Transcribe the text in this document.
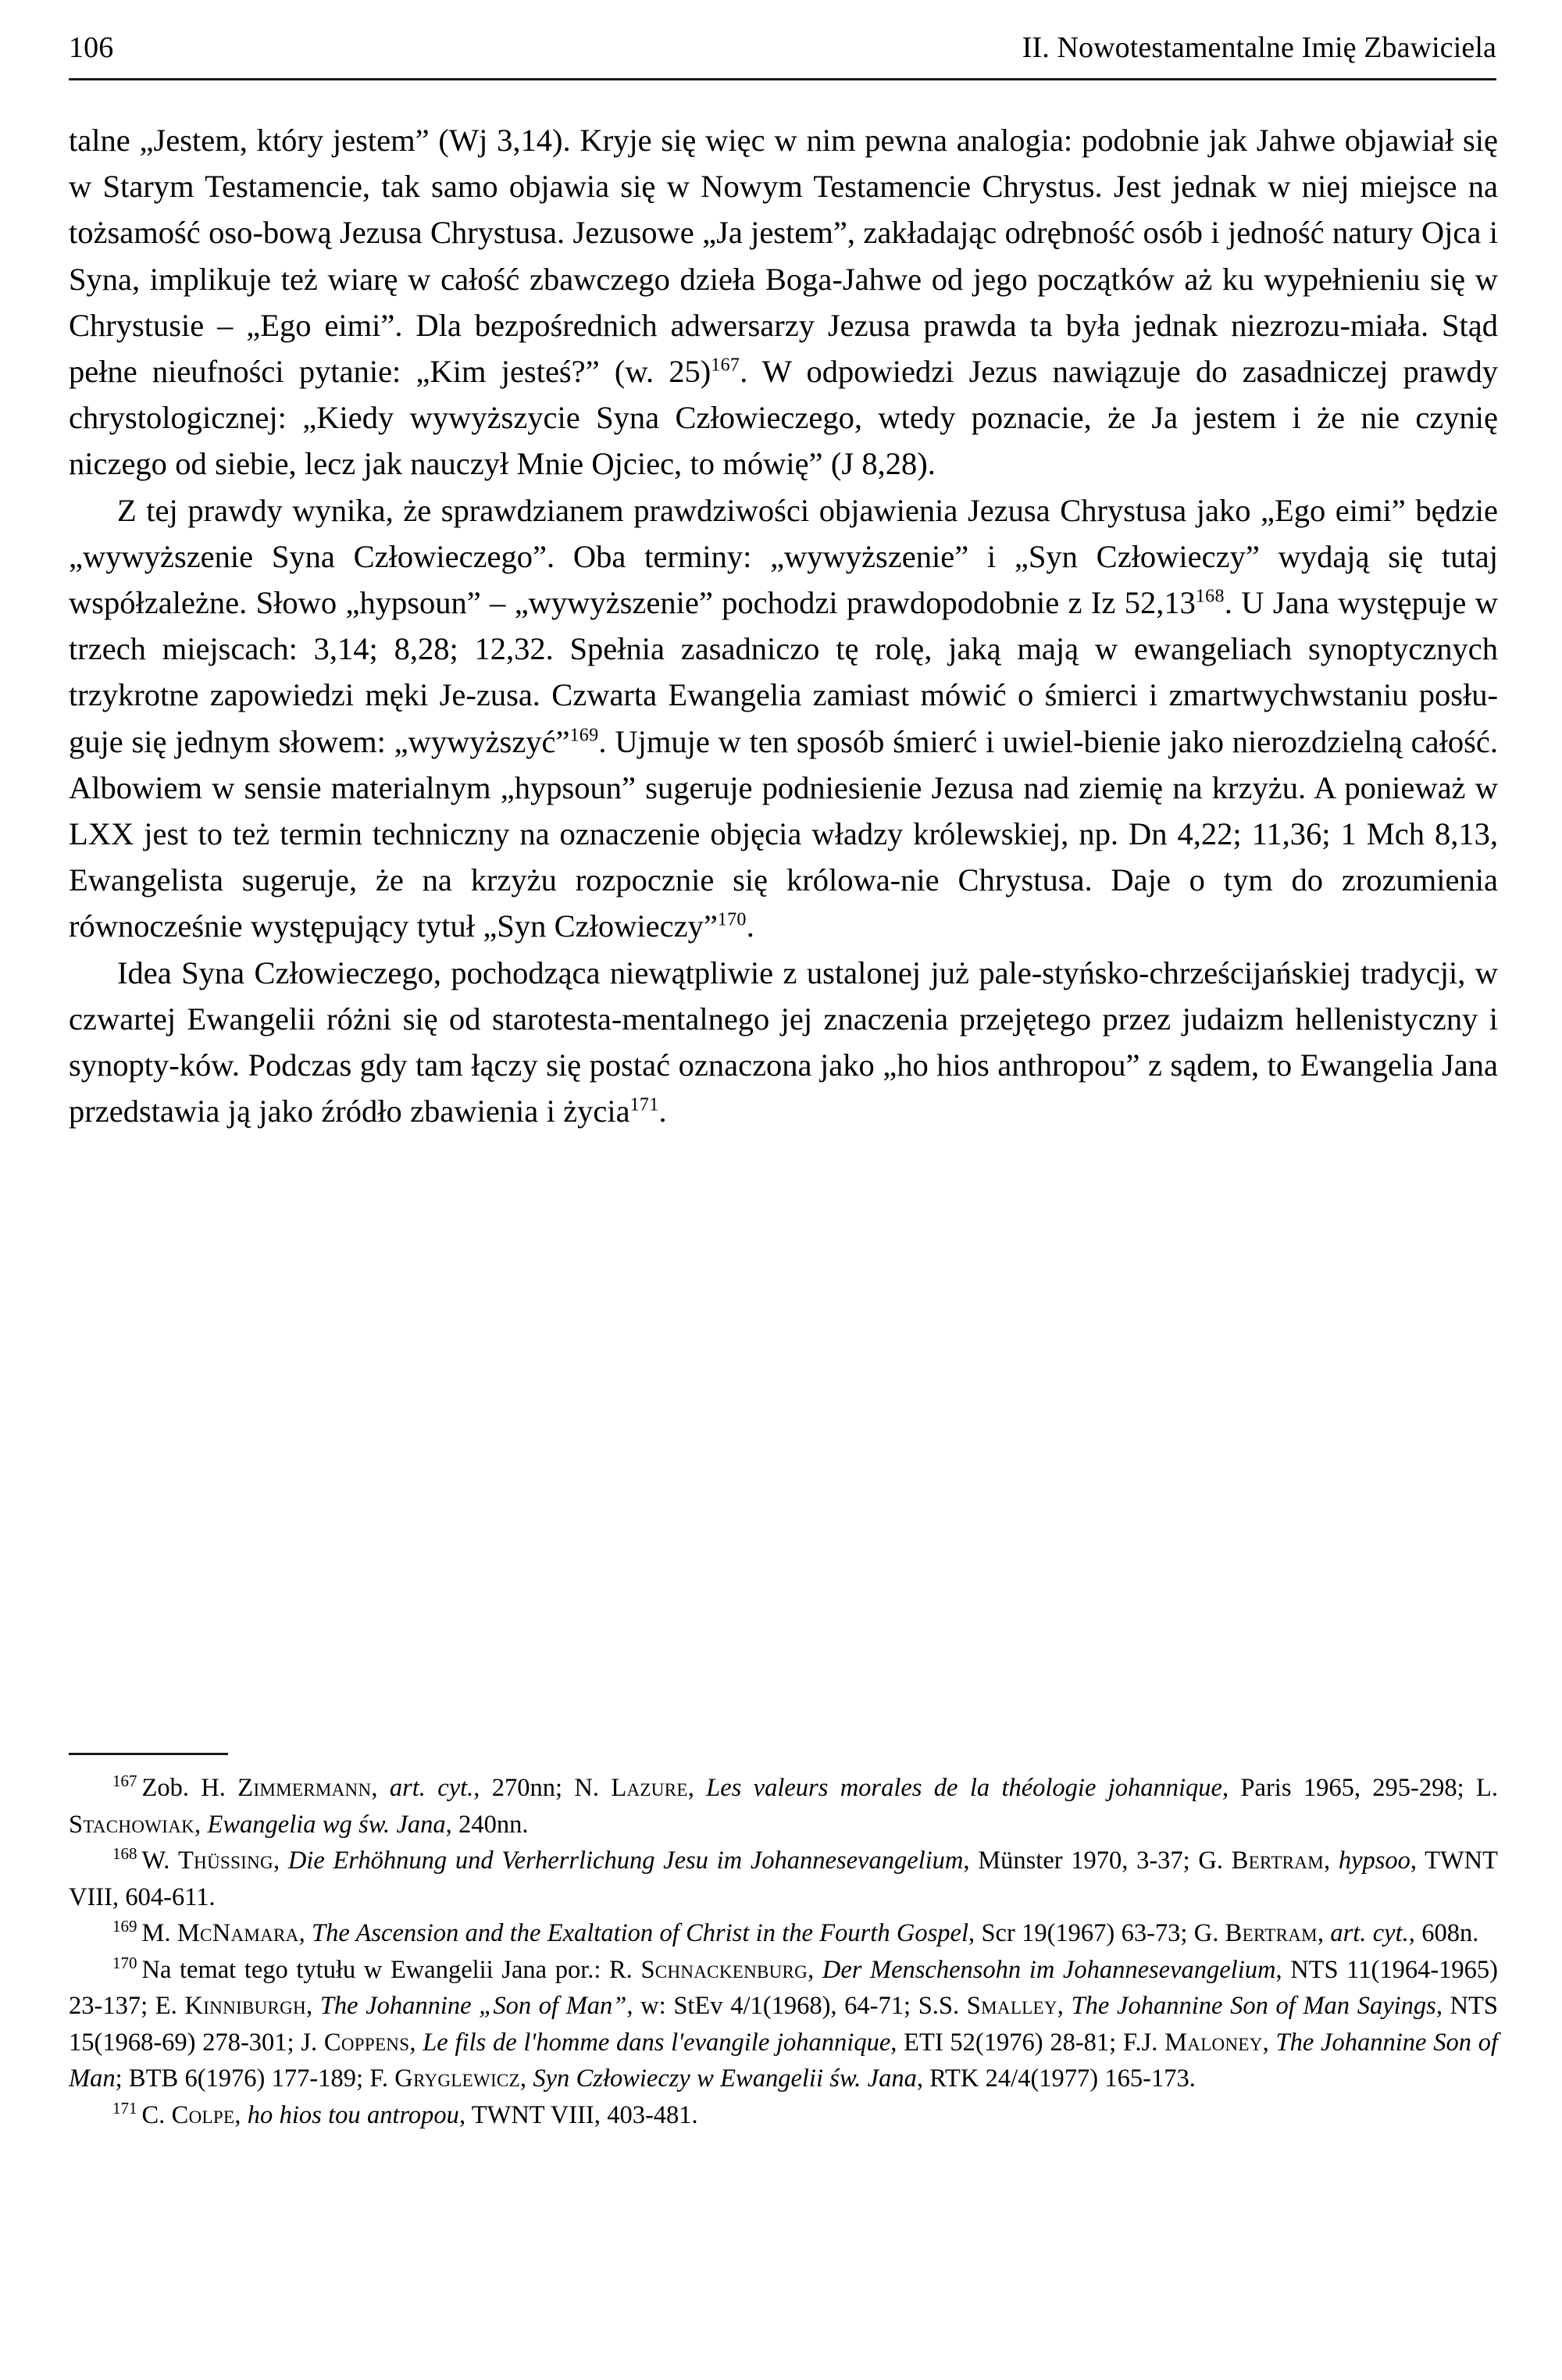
106	II. Nowotestamentalne Imię Zbawiciela

talne „Jestem, który jestem” (Wj 3,14). Kryje się więc w nim pewna analogia: podobnie jak Jahwe objawiał się w Starym Testamencie, tak samo objawia się w Nowym Testamencie Chrystus. Jest jednak w niej miejsce na tożsamość oso-bową Jezusa Chrystusa. Jezusowe „Ja jestem”, zakładając odrębność osób i jedność natury Ojca i Syna, implikuje też wiarę w całość zbawczego dzieła Boga-Jahwe od jego początków aż ku wypełnieniu się w Chrystusie – „Ego eimi”. Dla bezpośrednich adwersarzy Jezusa prawda ta była jednak niezrozu-miała. Stąd pełne nieufności pytanie: „Kim jesteś?” (w. 25)$^{167}$. W odpowiedzi Jezus nawiązuje do zasadniczej prawdy chrystologicznej: „Kiedy wywyższycie Syna Człowieczego, wtedy poznacie, że Ja jestem i że nie czynię niczego od siebie, lecz jak nauczył Mnie Ojciec, to mówię” (J 8,28).

Z tej prawdy wynika, że sprawdzianem prawdziwości objawienia Jezusa Chrystusa jako „Ego eimi” będzie „wywyższenie Syna Człowieczego”. Oba terminy: „wywyższenie” i „Syn Człowieczy” wydają się tutaj współzależne. Słowo „hypsoun” – „wywyższenie” pochodzi prawdopodobnie z Iz 52,13$^{168}$. U Jana występuje w trzech miejscach: 3,14; 8,28; 12,32. Spełnia zasadniczo tę rolę, jaką mają w ewangeliach synoptycznych trzykrotne zapowiedzi męki Je-zusa. Czwarta Ewangelia zamiast mówić o śmierci i zmartwychwstaniu posłu-guje się jednym słowem: „wywyższyć”$^{169}$. Ujmuje w ten sposób śmierć i uwiel-bienie jako nierozdzielną całość. Albowiem w sensie materialnym „hypsoun” sugeruje podniesienie Jezusa nad ziemię na krzyżu. A ponieważ w LXX jest to też termin techniczny na oznaczenie objęcia władzy królewskiej, np. Dn 4,22; 11,36; 1 Mch 8,13, Ewangelista sugeruje, że na krzyżu rozpocznie się królowa-nie Chrystusa. Daje o tym do zrozumienia równocześnie występujący tytuł „Syn Człowieczy”$^{170}$.

Idea Syna Człowieczego, pochodząca niewątpliwie z ustalonej już pale-styńsko-chrześcijańskiej tradycji, w czwartej Ewangelii różni się od starotesta-mentalnego jej znaczenia przejętego przez judaizm hellenistyczny i synopty-ków. Podczas gdy tam łączy się postać oznaczona jako „ho hios anthropou” z sądem, to Ewangelia Jana przedstawia ją jako źródło zbawienia i życia$^{171}$.

$^{167}$ Zob. H. Zimmermann, art. cyt., 270nn; N. Lazure, Les valeurs morales de la théologie johannique, Paris 1965, 295-298; L. Stachowiak, Ewangelia wg św. Jana, 240nn.

$^{168}$ W. Thüssing, Die Erhöhnung und Verherrlichung Jesu im Johannesevangelium, Münster 1970, 3-37; G. Bertram, hypsoo, TWNT VIII, 604-611.

$^{169}$ M. McNamara, The Ascension and the Exaltation of Christ in the Fourth Gospel, Scr 19(1967) 63-73; G. Bertram, art. cyt., 608n.

$^{170}$ Na temat tego tytułu w Ewangelii Jana por.: R. Schnackenburg, Der Menschensohn im Johannesevangelium, NTS 11(1964-1965) 23-137; E. Kinniburgh, The Johannine „Son of Man”, w: StEv 4/1(1968), 64-71; S.S. Smalley, The Johannine Son of Man Sayings, NTS 15(1968-69) 278-301; J. Coppens, Le fils de l'homme dans l'evangile johannique, ETI 52(1976) 28-81; F.J. Maloney, The Johannine Son of Man; BTB 6(1976) 177-189; F. Gryglewicz, Syn Człowieczy w Ewangelii św. Jana, RTK 24/4(1977) 165-173.

$^{171}$ C. Colpe, ho hios tou antropou, TWNT VIII, 403-481.
